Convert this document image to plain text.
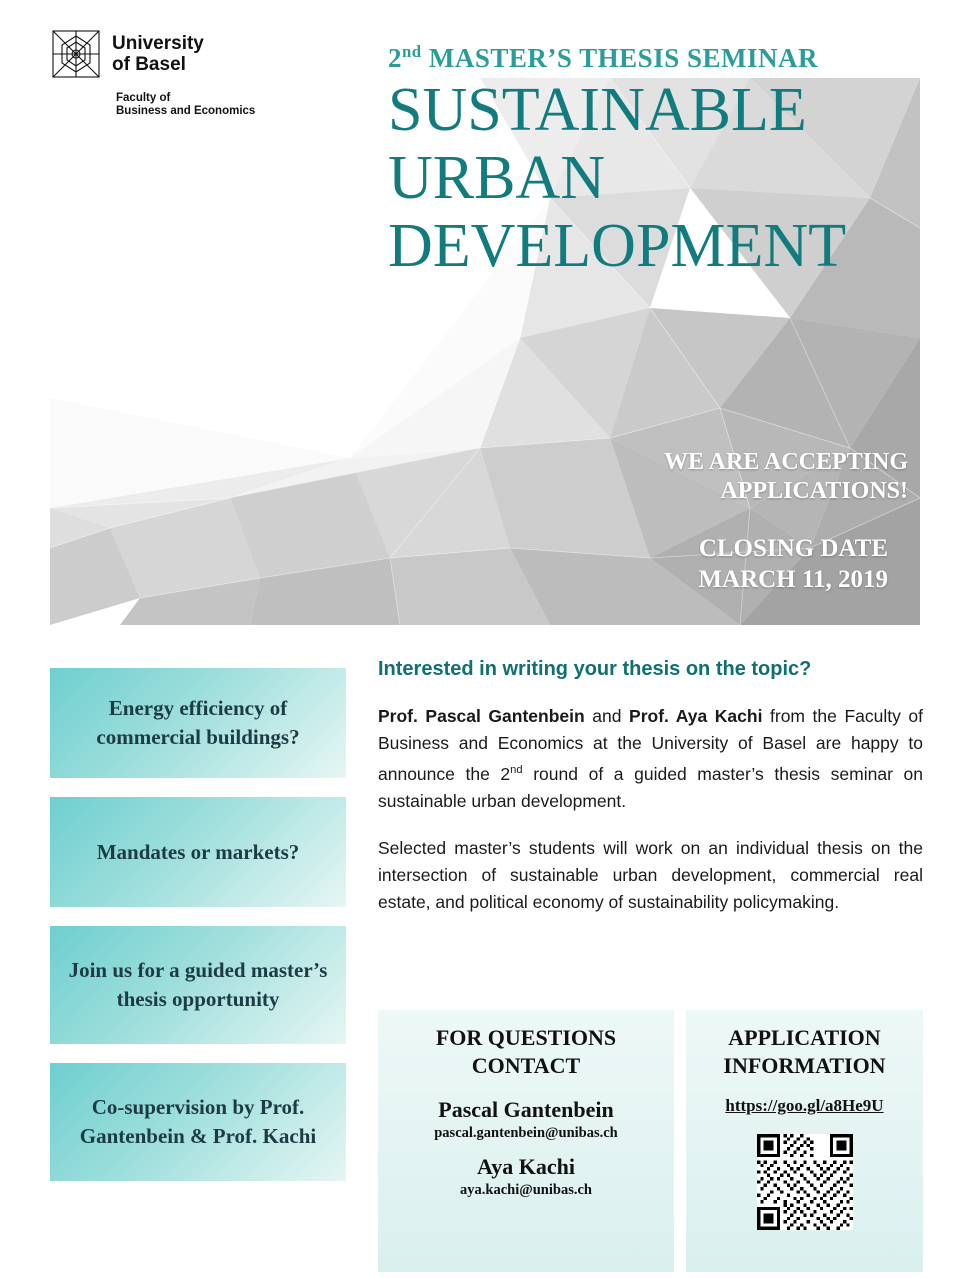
University
of Basel
Faculty of
Business and Economics
2nd MASTER’S THESIS SEMINAR
SUSTAINABLE
URBAN
DEVELOPMENT
WE ARE ACCEPTING
APPLICATIONS!
CLOSING DATE
MARCH 11, 2019
Energy efficiency of commercial buildings?
Mandates or markets?
Join us for a guided master’s thesis opportunity
Co-supervision by Prof. Gantenbein & Prof. Kachi

Interested in writing your thesis on the topic?

Prof. Pascal Gantenbein and Prof. Aya Kachi from the Faculty of Business and Economics at the University of Basel are happy to announce the 2nd round of a guided master’s thesis seminar on sustainable urban development.

Selected master’s students will work on an individual thesis on the intersection of sustainable urban development, commercial real estate, and political economy of sustainability policymaking.

FOR QUESTIONS
CONTACT

Pascal Gantenbein

pascal.gantenbein@unibas.ch

Aya Kachi

aya.kachi@unibas.ch

APPLICATION
INFORMATION
https://goo.gl/a8He9U
